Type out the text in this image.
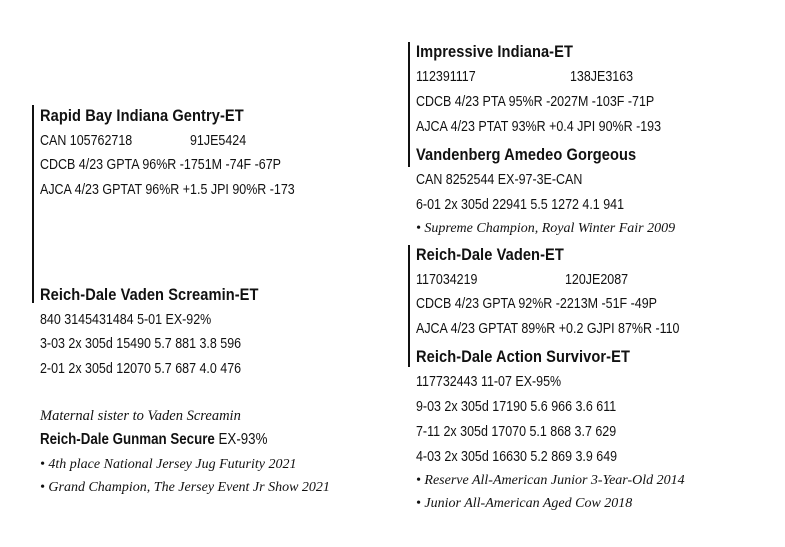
Rapid Bay Indiana Gentry-ET
CAN 105762718	91JE5424
CDCB 4/23 GPTA 96%R -1751M -74F -67P
AJCA 4/23 GPTAT 96%R +1.5 JPI 90%R -173
Reich-Dale Vaden Screamin-ET
840 3145431484 5-01 EX-92%
3-03 2x 305d 15490 5.7 881 3.8 596
2-01 2x 305d 12070 5.7 687 4.0 476
Maternal sister to Vaden Screamin
Reich-Dale Gunman Secure EX-93%
• 4th place National Jersey Jug Futurity 2021
• Grand Champion, The Jersey Event Jr Show 2021
Impressive Indiana-ET
112391117	138JE3163
CDCB 4/23 PTA 95%R -2027M -103F -71P
AJCA 4/23 PTAT 93%R +0.4 JPI 90%R -193
Vandenberg Amedeo Gorgeous
CAN 8252544 EX-97-3E-CAN
6-01 2x 305d 22941 5.5 1272 4.1 941
• Supreme Champion, Royal Winter Fair 2009
Reich-Dale Vaden-ET
117034219	120JE2087
CDCB 4/23 GPTA 92%R -2213M -51F -49P
AJCA 4/23 GPTAT 89%R +0.2 GJPI 87%R -110
Reich-Dale Action Survivor-ET
117732443 11-07 EX-95%
9-03 2x 305d 17190 5.6 966 3.6 611
7-11 2x 305d 17070 5.1 868 3.7 629
4-03 2x 305d 16630 5.2 869 3.9 649
• Reserve All-American Junior 3-Year-Old 2014
• Junior All-American Aged Cow 2018
